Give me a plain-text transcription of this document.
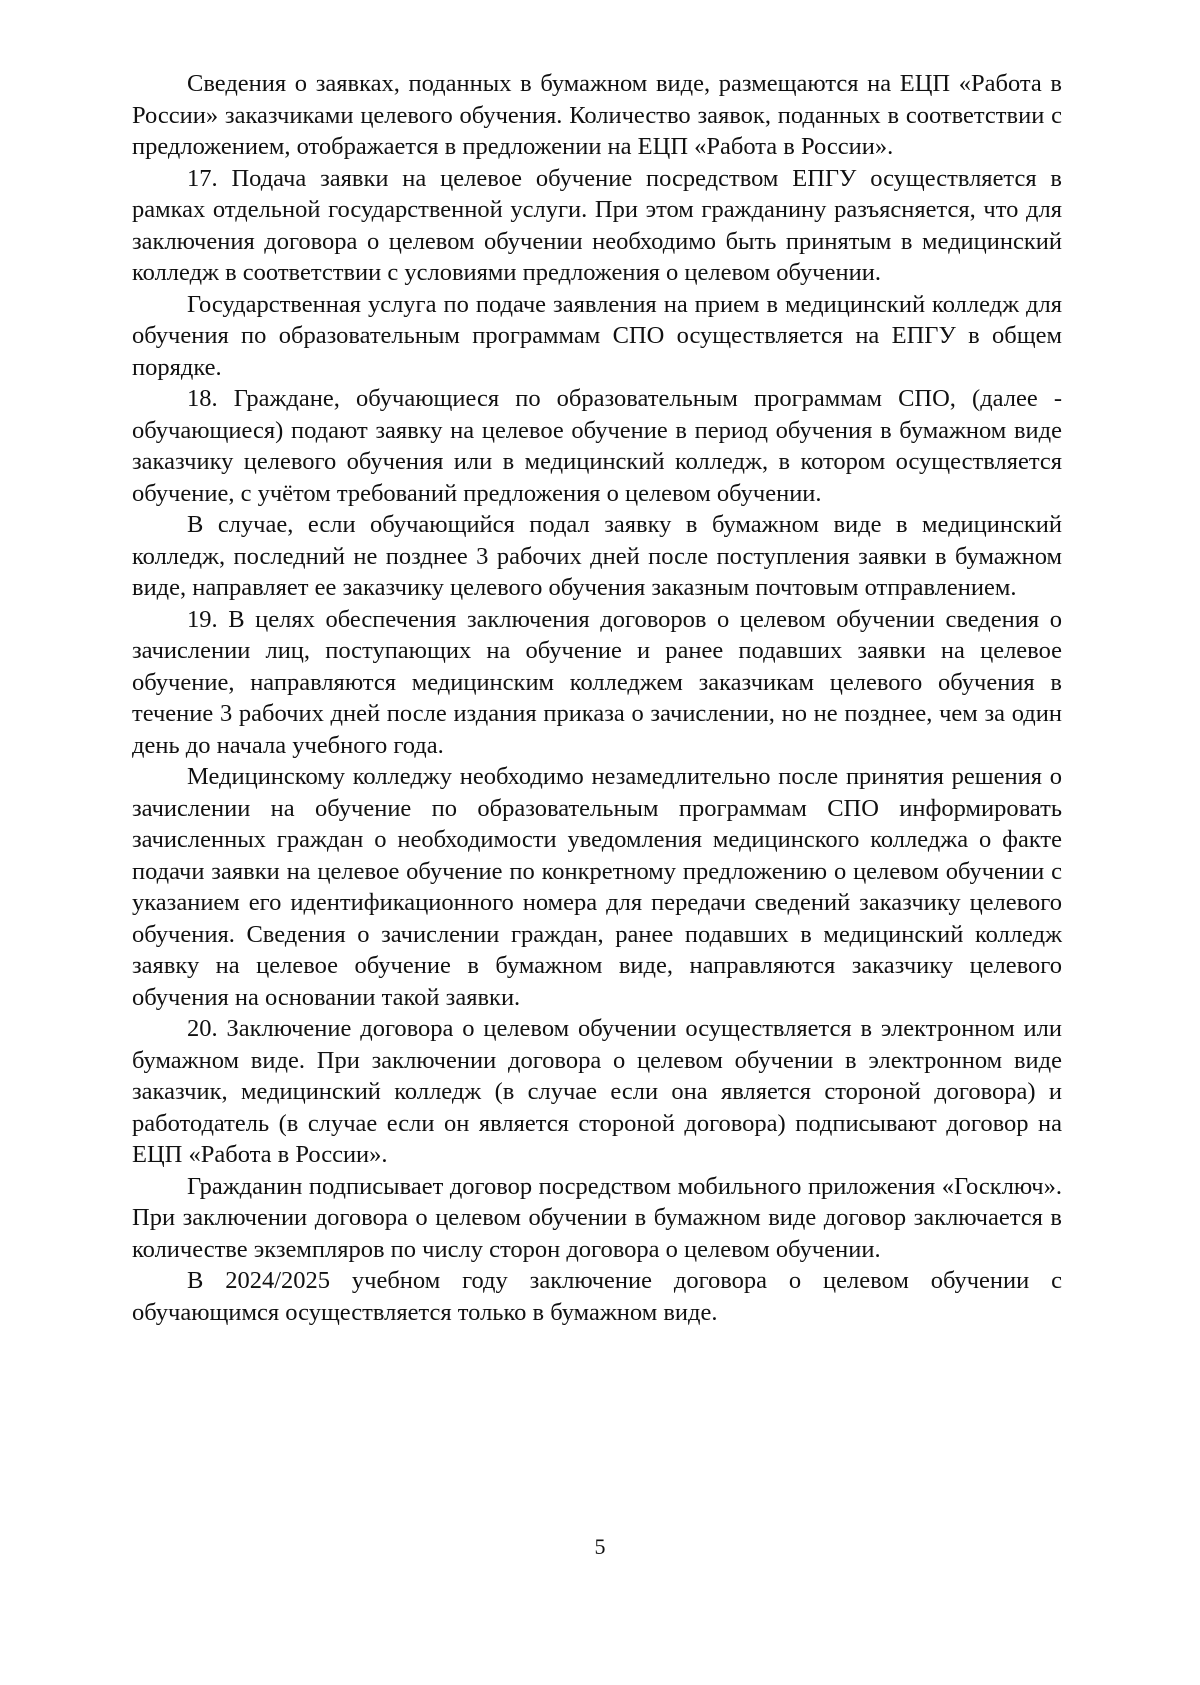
Сведения о заявках, поданных в бумажном виде, размещаются на ЕЦП «Работа в России» заказчиками целевого обучения. Количество заявок, поданных в соответствии с предложением, отображается в предложении на ЕЦП «Работа в России».

17. Подача заявки на целевое обучение посредством ЕПГУ осуществляется в рамках отдельной государственной услуги. При этом гражданину разъясняется, что для заключения договора о целевом обучении необходимо быть принятым в медицинский колледж в соответствии с условиями предложения о целевом обучении.

Государственная услуга по подаче заявления на прием в медицинский колледж для обучения по образовательным программам СПО осуществляется на ЕПГУ в общем порядке.

18. Граждане, обучающиеся по образовательным программам СПО, (далее - обучающиеся) подают заявку на целевое обучение в период обучения в бумажном виде заказчику целевого обучения или в медицинский колледж, в котором осуществляется обучение, с учётом требований предложения о целевом обучении.

В случае, если обучающийся подал заявку в бумажном виде в медицинский колледж, последний не позднее 3 рабочих дней после поступления заявки в бумажном виде, направляет ее заказчику целевого обучения заказным почтовым отправлением.

19. В целях обеспечения заключения договоров о целевом обучении сведения о зачислении лиц, поступающих на обучение и ранее подавших заявки на целевое обучение, направляются медицинским колледжем заказчикам целевого обучения в течение 3 рабочих дней после издания приказа о зачислении, но не позднее, чем за один день до начала учебного года.

Медицинскому колледжу необходимо незамедлительно после принятия решения о зачислении на обучение по образовательным программам СПО информировать зачисленных граждан о необходимости уведомления медицинского колледжа о факте подачи заявки на целевое обучение по конкретному предложению о целевом обучении с указанием его идентификационного номера для передачи сведений заказчику целевого обучения. Сведения о зачислении граждан, ранее подавших в медицинский колледж заявку на целевое обучение в бумажном виде, направляются заказчику целевого обучения на основании такой заявки.

20. Заключение договора о целевом обучении осуществляется в электронном или бумажном виде. При заключении договора о целевом обучении в электронном виде заказчик, медицинский колледж (в случае если она является стороной договора) и работодатель (в случае если он является стороной договора) подписывают договор на ЕЦП «Работа в России».

Гражданин подписывает договор посредством мобильного приложения «Госключ». При заключении договора о целевом обучении в бумажном виде договор заключается в количестве экземпляров по числу сторон договора о целевом обучении.

В 2024/2025 учебном году заключение договора о целевом обучении с обучающимся осуществляется только в бумажном виде.

5
